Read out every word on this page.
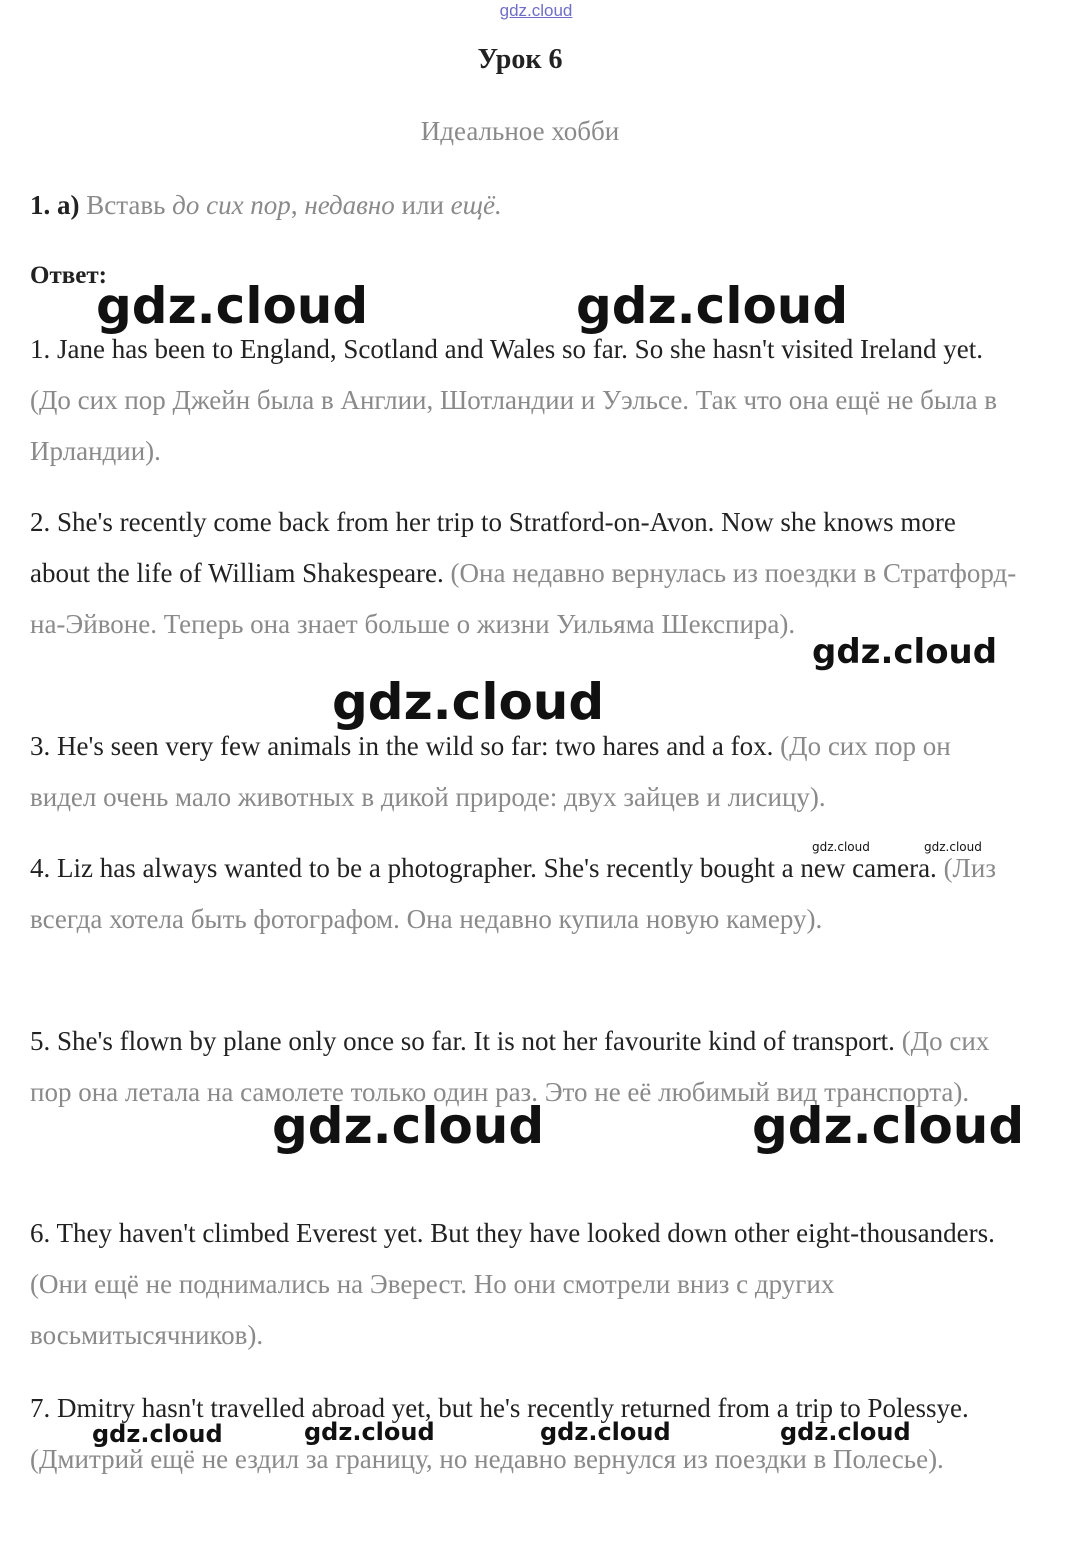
gdz.cloud
Урок 6
Идеальное хобби
1. а) Вставь до сих пор, недавно или ещё.
Ответ:
1. Jane has been to England, Scotland and Wales so far. So she hasn't visited Ireland yet. (До сих пор Джейн была в Англии, Шотландии и Уэльсе. Так что она ещё не была в Ирландии).
2. She's recently come back from her trip to Stratford-on-Avon. Now she knows more about the life of William Shakespeare. (Она недавно вернулась из поездки в Стратфорд-на-Эйвоне. Теперь она знает больше о жизни Уильяма Шекспира).
3. He's seen very few animals in the wild so far: two hares and a fox. (До сих пор он видел очень мало животных в дикой природе: двух зайцев и лисицу).
4. Liz has always wanted to be a photographer. She's recently bought a new camera. (Лиз всегда хотела быть фотографом. Она недавно купила новую камеру).
5. She's flown by plane only once so far. It is not her favourite kind of transport. (До сих пор она летала на самолете только один раз. Это не её любимый вид транспорта).
6. They haven't climbed Everest yet. But they have looked down other eight-thousanders. (Они ещё не поднимались на Эверест. Но они смотрели вниз с других восьмитысячников).
7. Dmitry hasn't travelled abroad yet, but he's recently returned from a trip to Polessye. (Дмитрий ещё не ездил за границу, но недавно вернулся из поездки в Полесье).
gdz.cloud	gdz.cloud
gdz.cloud
gdz.cloud
gdz.cloud	gdz.cloud
gdz.cloud	gdz.cloud
gdz.cloud	gdz.cloud	gdz.cloud	gdz.cloud
